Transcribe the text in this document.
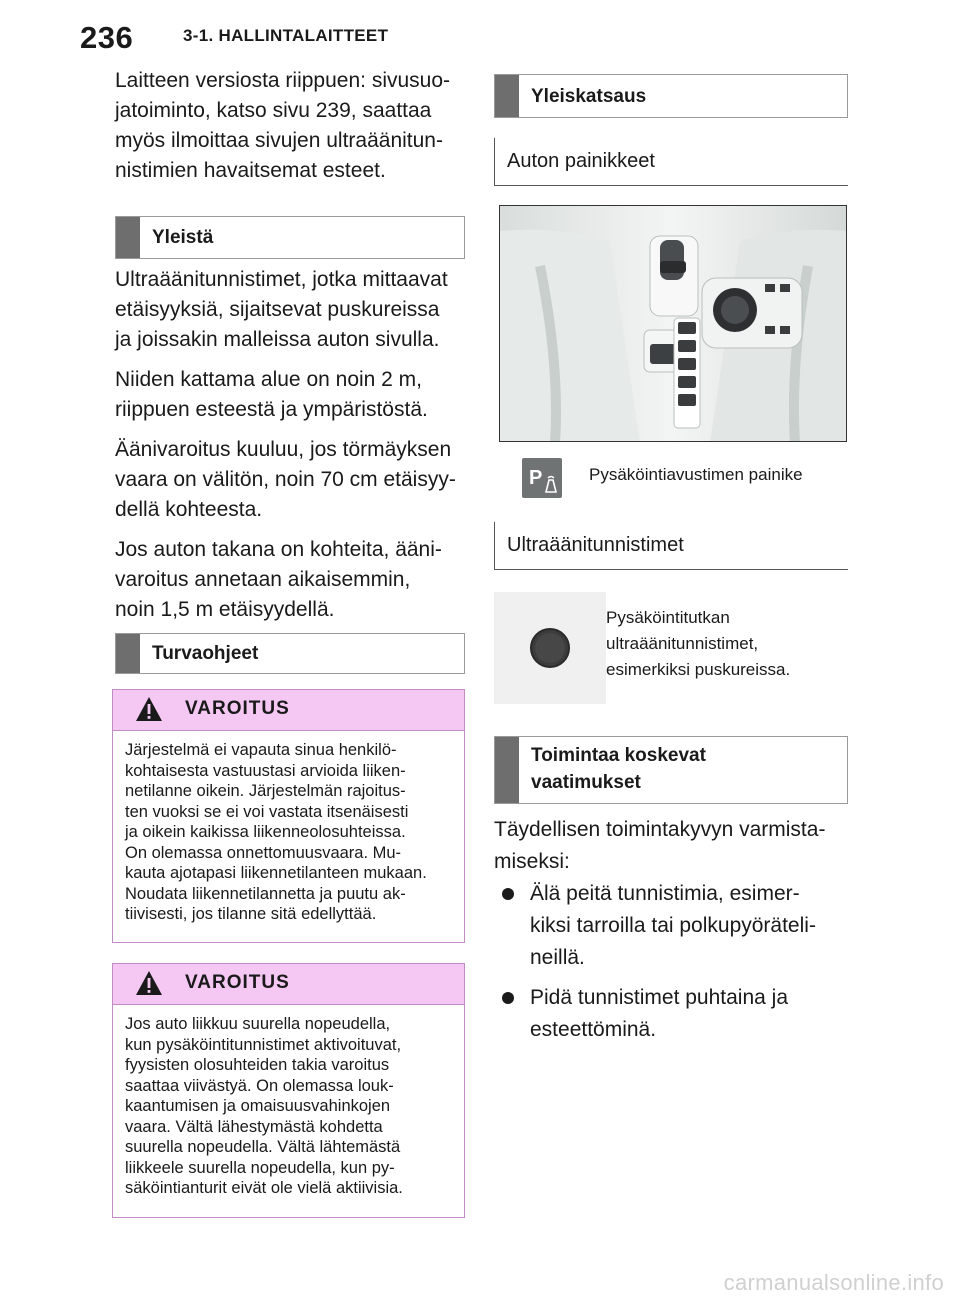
236	3-1. HALLINTALAITTEET

Laitteen versiosta riippuen: sivusuo-
jatoiminto, katso sivu 239, saattaa
myös ilmoittaa sivujen ultraäänitun-
nistimien havaitsemat esteet.

Yleistä

Ultraäänitunnistimet, jotka mittaavat
etäisyyksiä, sijaitsevat puskureissa
ja joissakin malleissa auton sivulla.

Niiden kattama alue on noin 2 m,
riippuen esteestä ja ympäristöstä.

Äänivaroitus kuuluu, jos törmäyksen
vaara on välitön, noin 70 cm etäisyy-
dellä kohteesta.

Jos auton takana on kohteita, ääni-
varoitus annetaan aikaisemmin,
noin 1,5 m etäisyydellä.

Turvaohjeet
VAROITUS
Järjestelmä ei vapauta sinua henkilö-
kohtaisesta vastuustasi arvioida liiken-
netilanne oikein. Järjestelmän rajoitus-
ten vuoksi se ei voi vastata itsenäisesti
ja oikein kaikissa liikenneolosuhteissa.
On olemassa onnettomuusvaara. Mu-
kauta ajotapasi liikennetilanteen mukaan.
Noudata liikennetilannetta ja puutu ak-
tiivisesti, jos tilanne sitä edellyttää.
VAROITUS
Jos auto liikkuu suurella nopeudella,
kun pysäköintitunnistimet aktivoituvat,
fyysisten olosuhteiden takia varoitus
saattaa viivästyä. On olemassa louk-
kaantumisen ja omaisuusvahinkojen
vaara. Vältä lähestymästä kohdetta
suurella nopeudella. Vältä lähtemästä
liikkeele suurella nopeudella, kun py-
säköintianturit eivät ole vielä aktiivisia.
Yleiskatsaus
Auton painikkeet
P	Pysäköintiavustimen painike
Ultraäänitunnistimet
Pysäköintitutkan
ultraäänitunnistimet,
esimerkiksi puskureissa.
Toimintaa koskevat
vaatimukset
Täydellisen toimintakyvyn varmista-
miseksi:
Älä peitä tunnistimia, esimer-
kiksi tarroilla tai polkupyöräteli-
neillä.
Pidä tunnistimet puhtaina ja
esteettöminä.
carmanualsonline.info
